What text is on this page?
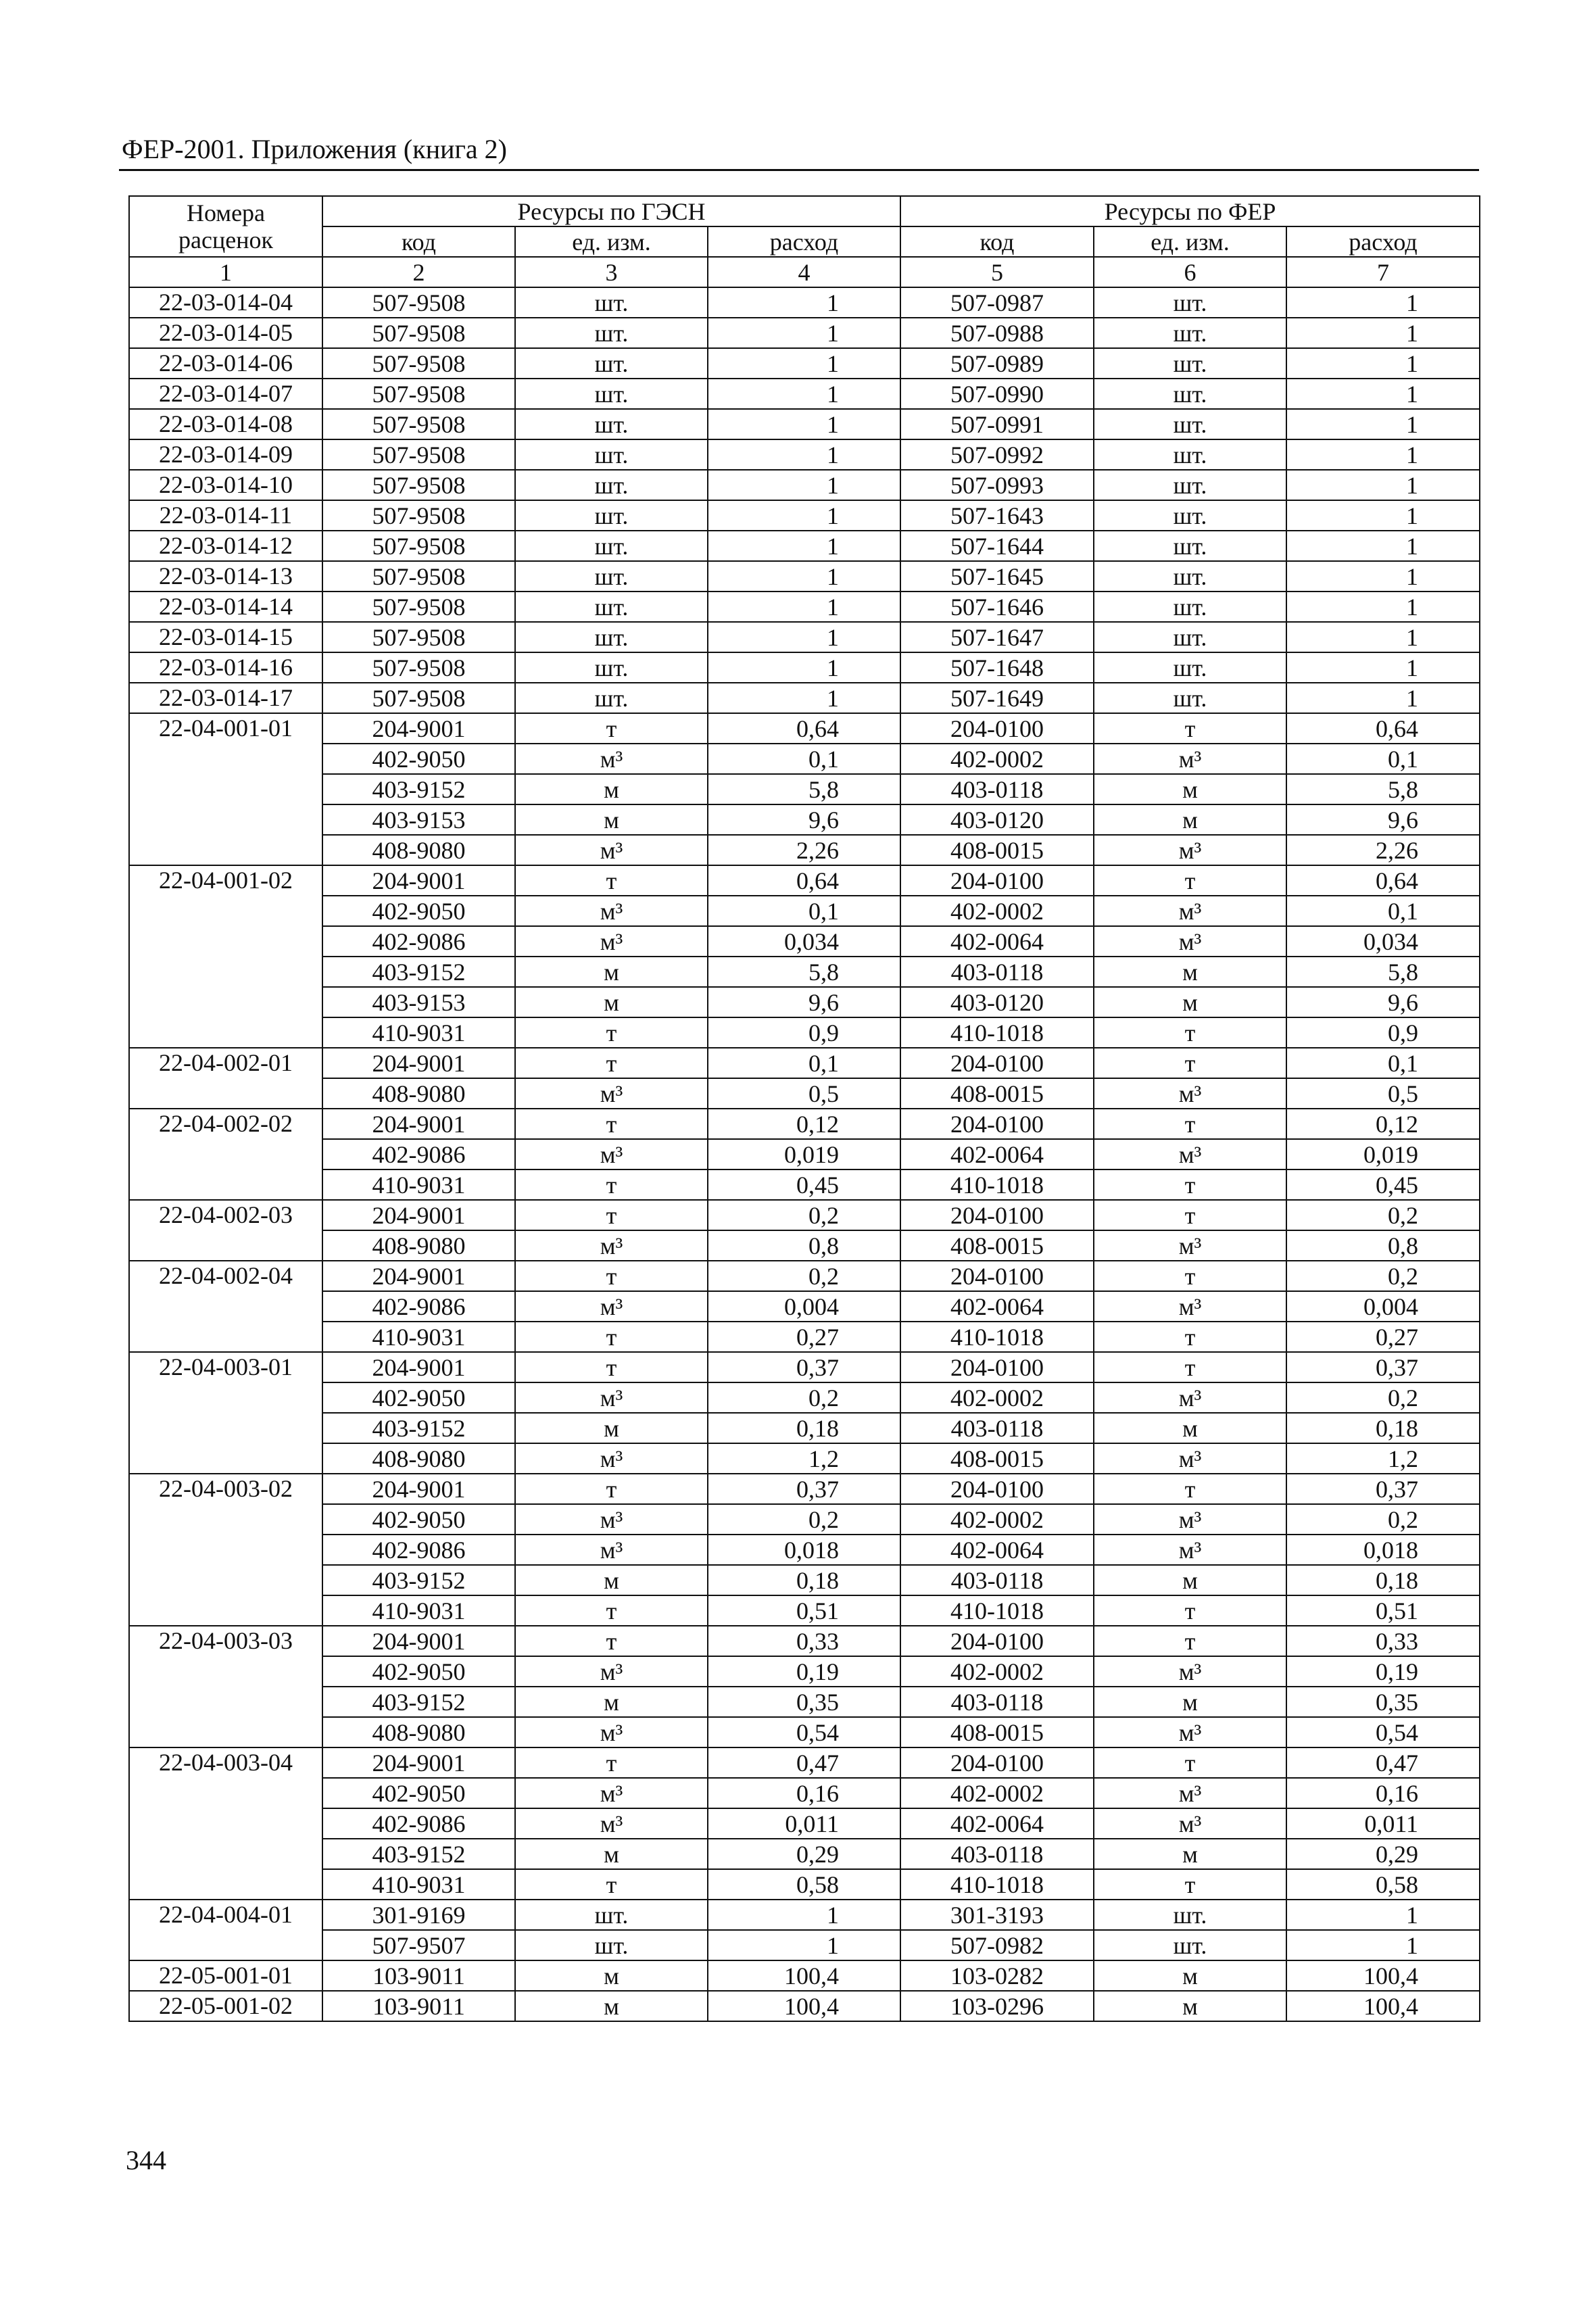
ФЕР-2001. Приложения (книга 2)
Номера расценок	Ресурсы по ГЭСН			Ресурсы по ФЕР		
	код	ед. изм.	расход	код	ед. изм.	расход
1	2	3	4	5	6	7
22-03-014-04	507-9508	шт.	1	507-0987	шт.	1
22-03-014-05	507-9508	шт.	1	507-0988	шт.	1
22-03-014-06	507-9508	шт.	1	507-0989	шт.	1
22-03-014-07	507-9508	шт.	1	507-0990	шт.	1
22-03-014-08	507-9508	шт.	1	507-0991	шт.	1
22-03-014-09	507-9508	шт.	1	507-0992	шт.	1
22-03-014-10	507-9508	шт.	1	507-0993	шт.	1
22-03-014-11	507-9508	шт.	1	507-1643	шт.	1
22-03-014-12	507-9508	шт.	1	507-1644	шт.	1
22-03-014-13	507-9508	шт.	1	507-1645	шт.	1
22-03-014-14	507-9508	шт.	1	507-1646	шт.	1
22-03-014-15	507-9508	шт.	1	507-1647	шт.	1
22-03-014-16	507-9508	шт.	1	507-1648	шт.	1
22-03-014-17	507-9508	шт.	1	507-1649	шт.	1
22-04-001-01	204-9001	т	0,64	204-0100	т	0,64
	402-9050	м³	0,1	402-0002	м³	0,1
	403-9152	м	5,8	403-0118	м	5,8
	403-9153	м	9,6	403-0120	м	9,6
	408-9080	м³	2,26	408-0015	м³	2,26
22-04-001-02	204-9001	т	0,64	204-0100	т	0,64
	402-9050	м³	0,1	402-0002	м³	0,1
	402-9086	м³	0,034	402-0064	м³	0,034
	403-9152	м	5,8	403-0118	м	5,8
	403-9153	м	9,6	403-0120	м	9,6
	410-9031	т	0,9	410-1018	т	0,9
22-04-002-01	204-9001	т	0,1	204-0100	т	0,1
	408-9080	м³	0,5	408-0015	м³	0,5
22-04-002-02	204-9001	т	0,12	204-0100	т	0,12
	402-9086	м³	0,019	402-0064	м³	0,019
	410-9031	т	0,45	410-1018	т	0,45
22-04-002-03	204-9001	т	0,2	204-0100	т	0,2
	408-9080	м³	0,8	408-0015	м³	0,8
22-04-002-04	204-9001	т	0,2	204-0100	т	0,2
	402-9086	м³	0,004	402-0064	м³	0,004
	410-9031	т	0,27	410-1018	т	0,27
22-04-003-01	204-9001	т	0,37	204-0100	т	0,37
	402-9050	м³	0,2	402-0002	м³	0,2
	403-9152	м	0,18	403-0118	м	0,18
	408-9080	м³	1,2	408-0015	м³	1,2
22-04-003-02	204-9001	т	0,37	204-0100	т	0,37
	402-9050	м³	0,2	402-0002	м³	0,2
	402-9086	м³	0,018	402-0064	м³	0,018
	403-9152	м	0,18	403-0118	м	0,18
	410-9031	т	0,51	410-1018	т	0,51
22-04-003-03	204-9001	т	0,33	204-0100	т	0,33
	402-9050	м³	0,19	402-0002	м³	0,19
	403-9152	м	0,35	403-0118	м	0,35
	408-9080	м³	0,54	408-0015	м³	0,54
22-04-003-04	204-9001	т	0,47	204-0100	т	0,47
	402-9050	м³	0,16	402-0002	м³	0,16
	402-9086	м³	0,011	402-0064	м³	0,011
	403-9152	м	0,29	403-0118	м	0,29
	410-9031	т	0,58	410-1018	т	0,58
22-04-004-01	301-9169	шт.	1	301-3193	шт.	1
	507-9507	шт.	1	507-0982	шт.	1
22-05-001-01	103-9011	м	100,4	103-0282	м	100,4
22-05-001-02	103-9011	м	100,4	103-0296	м	100,4
344
